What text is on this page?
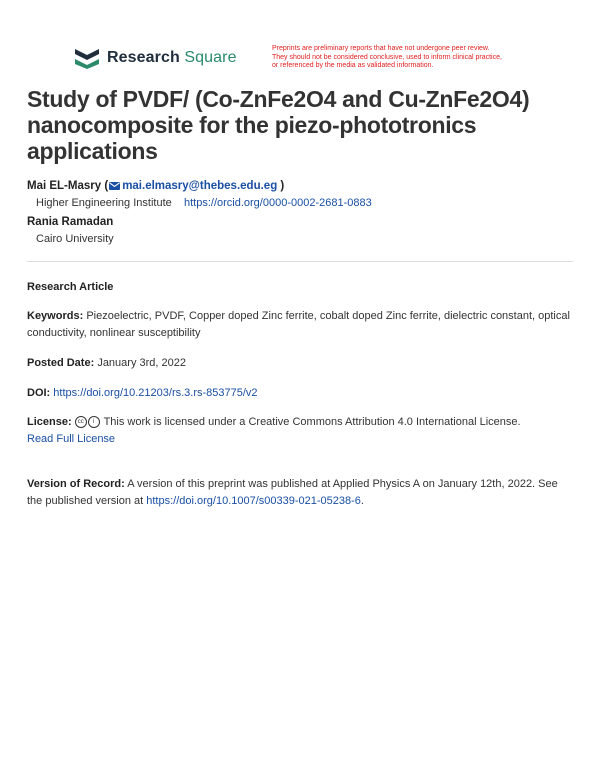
Research Square
Preprints are preliminary reports that have not undergone peer review.
They should not be considered conclusive, used to inform clinical practice,
or referenced by the media as validated information.
Study of PVDF/ (Co-ZnFe2O4 and Cu-ZnFe2O4) nanocomposite for the piezo-phototronics applications
Mai EL-Masry ( mai.elmasry@thebes.edu.eg )
Higher Engineering Institute https://orcid.org/0000-0002-2681-0883
Rania Ramadan
Cairo University
Research Article
Keywords: Piezoelectric, PVDF, Copper doped Zinc ferrite, cobalt doped Zinc ferrite, dielectric constant, optical conductivity, nonlinear susceptibility
Posted Date: January 3rd, 2022
DOI: https://doi.org/10.21203/rs.3.rs-853775/v2
License: cc i This work is licensed under a Creative Commons Attribution 4.0 International License.
Read Full License
Version of Record: A version of this preprint was published at Applied Physics A on January 12th, 2022. See the published version at https://doi.org/10.1007/s00339-021-05238-6.
